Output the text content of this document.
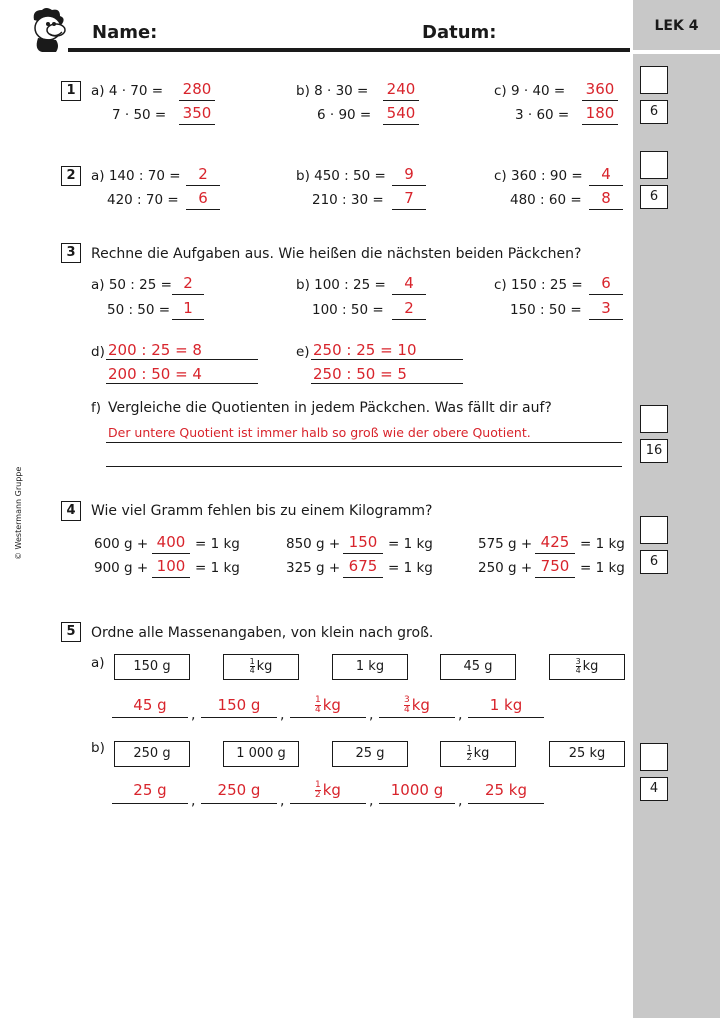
LEK 4
Name:	Datum:
© Westermann Gruppe
1	a) 4 · 70 = 280	b) 8 · 30 = 240	c) 9 · 40 = 360
7 · 50 = 350	6 · 90 = 540	3 · 60 = 180	6
2	a) 140 : 70 =	2	b) 450 : 50 =	9	c) 360 : 90 =	4
420 : 70 =	6	210 : 30 =	7	480 : 60 =	8	6
3	Rechne die Aufgaben aus. Wie heißen die nächsten beiden Päckchen?
a) 50 : 25 = 2	b) 100 : 25 =	4	c) 150 : 25 =	6
50 : 50 = 1	100 : 50 =	2	150 : 50 =	3
d) 200 : 25 = 8
200 : 50 = 4
e) 250 : 25 = 10
250 : 50 = 5
f) Vergleiche die Quotienten in jedem Päckchen. Was fällt dir auf?
Der untere Quotient ist immer halb so groß wie der obere Quotient.
16
4	Wie viel Gramm fehlen bis zu einem Kilogramm?
600 g + 400 = 1 kg	850 g + 150 = 1 kg	575 g + 425 = 1 kg
900 g + 100 = 1 kg	325 g + 675 = 1 kg	250 g + 750 = 1 kg	6
5	Ordne alle Massenangaben, von klein nach groß.
a)	150 g	$\frac{1}{4}$ kg	1 kg	45 g	$\frac{3}{4}$ kg
45 g
,
150 g
,	$\frac{1}{4}$ kg
,	$\frac{3}{4}$ kg
,
1 kg
b)	250 g	1 000 g	25 g	$\frac{1}{2}$ kg	25 kg
25 g
,
250 g
,
$\frac{1}{2}$ kg
,
1000 g
,
25 kg	4
